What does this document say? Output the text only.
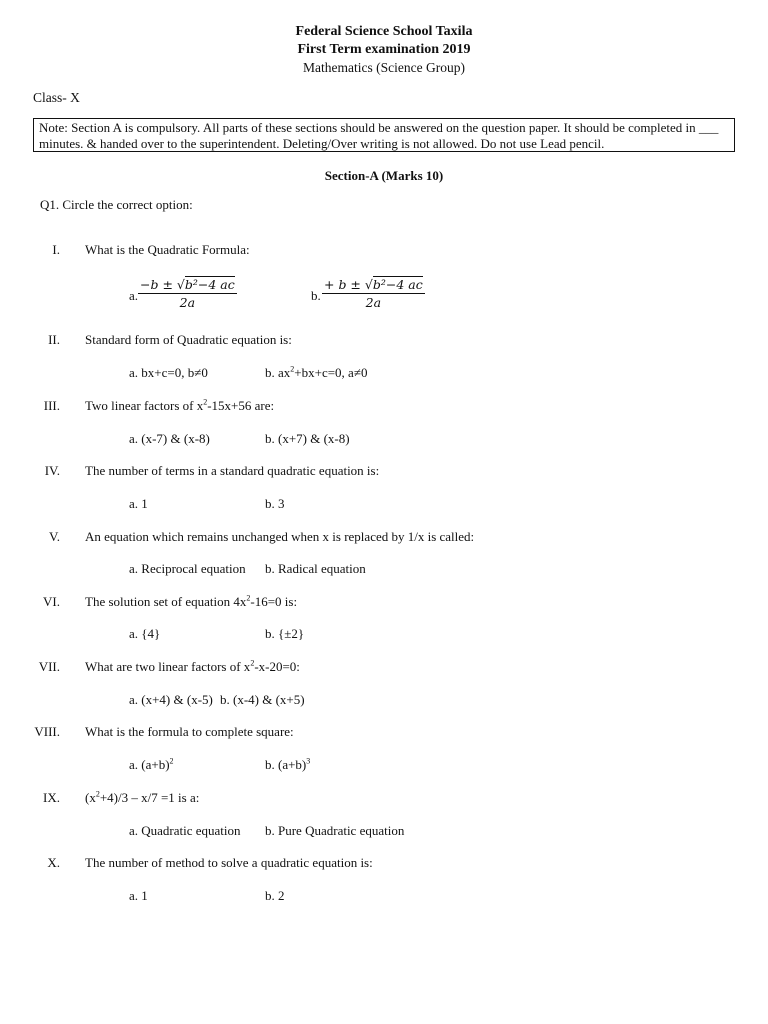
Federal Science School Taxila
First Term examination 2019
Mathematics (Science Group)
Class- X
Note: Section A is compulsory. All parts of these sections should be answered on the question paper. It should be completed in ___ minutes. & handed over to the superintendent. Deleting/Over writing is not allowed. Do not use Lead pencil.
Section-A (Marks 10)
Q1. Circle the correct option:
I. What is the Quadratic Formula:
a. $\frac{\text{−b ± √b²−4 ac}}{2a}$	b. $\frac{\text{+ b ± √b²−4 ac}}{2a}$
II. Standard form of Quadratic equation is:
a. bx+c=0, b≠0	b. $ax^2+bx+c=0$, a≠0
III. Two linear factors of $x^2-15x+56$ are:
a. (x-7) & (x-8)	b. (x+7) & (x-8)
IV. The number of terms in a standard quadratic equation is:
a. 1	b. 3
V. An equation which remains unchanged when x is replaced by 1/x is called:
a. Reciprocal equation b. Radical equation
VI. The solution set of equation $4x^2-16=0$ is:
a. {4}	b. {±2}
VII. What are two linear factors of $x^2-x-20=0$:
a. (x+4) & (x-5) b. (x-4) & (x+5)
VIII. What is the formula to complete square:
a. $(a+b)^2$	b. $(a+b)^3$
IX. $(x^2+4)/3 - x/7 =1$ is a:
a. Quadratic equation b. Pure Quadratic equation
X. The number of method to solve a quadratic equation is:
a. 1	b. 2
